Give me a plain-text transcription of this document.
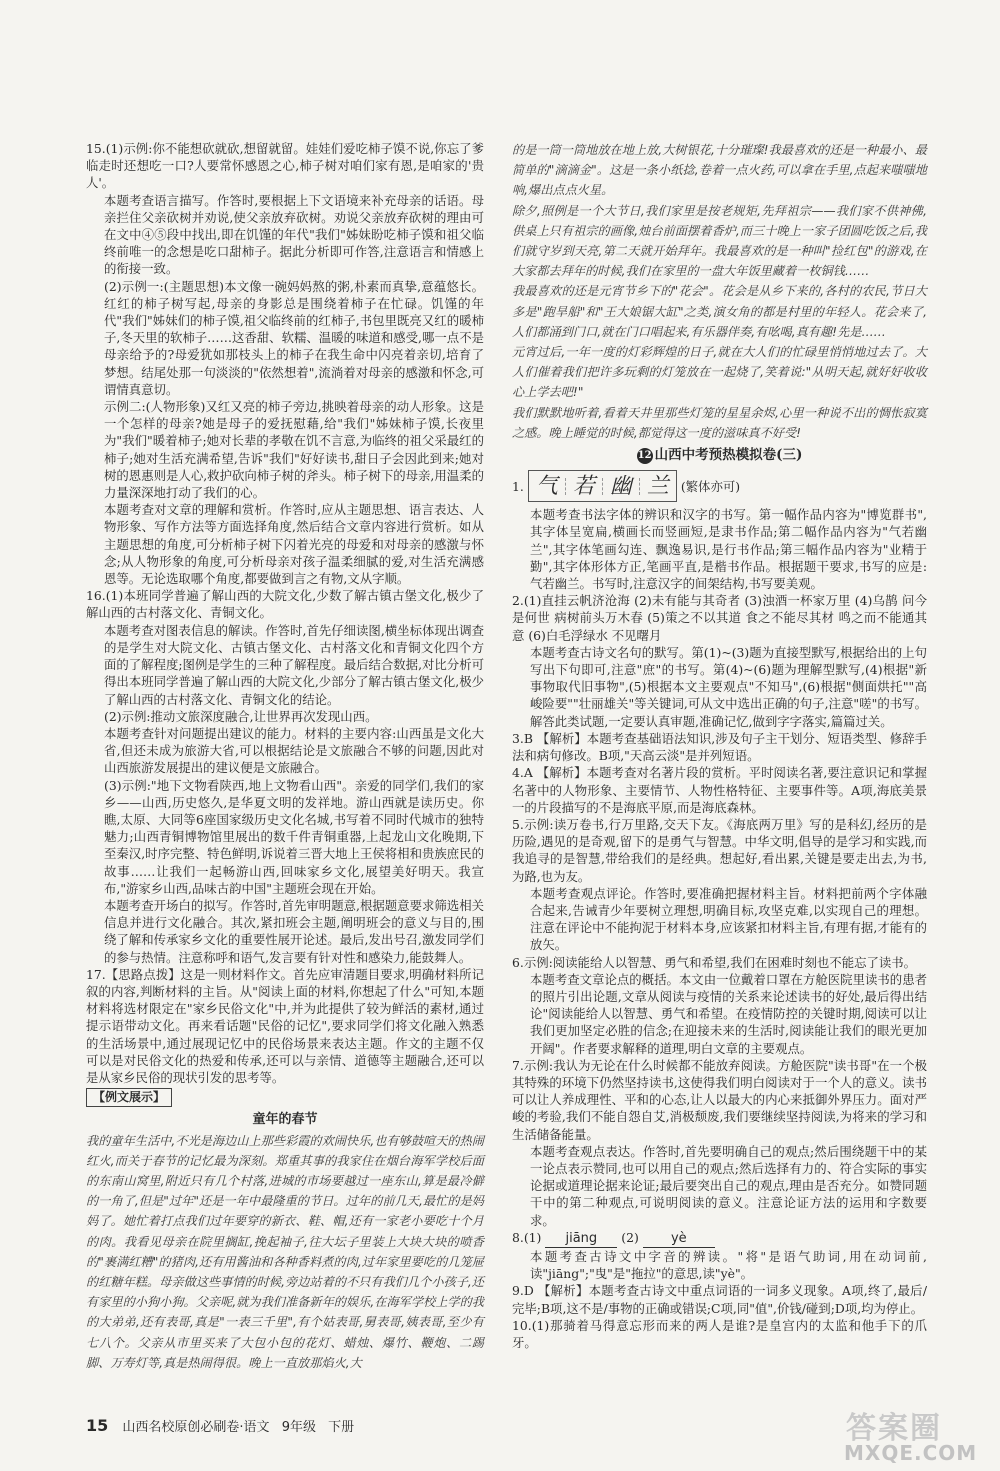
15.(1)示例:你不能想砍就砍,想留就留。娃娃们爱吃柿子馍不说,你忘了爹临走时还想吃一口?人要常怀感恩之心,柿子树对咱们家有恩,是咱家的'贵人'。

本题考查语言描写。作答时,要根据上下文语境来补充母亲的话语。母亲拦住父亲砍树并劝说,使父亲放弃砍树。劝说父亲放弃砍树的理由可在文中④⑤段中找出,即在饥馑的年代"我们"姊妹盼吃柿子馍和祖父临终前唯一的念想是吃口甜柿子。据此分析即可作答,注意语言和情感上的衔接一致。

(2)示例一:(主题思想)本文像一碗妈妈熬的粥,朴素而真挚,意蕴悠长。红红的柿子树写起,母亲的身影总是围绕着柿子在忙碌。饥馑的年代"我们"姊妹们的柿子馍,祖父临终前的红柿子,书包里既亮又红的暖柿子,冬天里的软柿子……这香甜、软糯、温暖的味道和感受,哪一点不是母亲给予的?母爱犹如那枝头上的柿子在我生命中闪亮着亲切,培育了梦想。结尾处那一句淡淡的"依然想着",流淌着对母亲的感激和怀念,可谓情真意切。

示例二:(人物形象)又红又亮的柿子旁边,挑映着母亲的动人形象。这是一个怎样的母亲?她是母子的爱抚慰藉,给"我们"姊妹柿子馍,长夜里为"我们"暖着柿子;她对长辈的孝敬在饥不言意,为临终的祖父采最红的柿子;她对生活充满希望,告诉"我们"好好读书,甜日子会因此到来;她对树的恩惠则是人心,救护砍向柿子树的斧头。柿子树下的母亲,用温柔的力量深深地打动了我们的心。

本题考查对文章的理解和赏析。作答时,应从主题思想、语言表达、人物形象、写作方法等方面选择角度,然后结合文章内容进行赏析。如从主题思想的角度,可分析柿子树下闪着光亮的母爱和对母亲的感激与怀念;从人物形象的角度,可分析母亲对孩子温柔细腻的爱,对生活充满感恩等。无论选取哪个角度,都要做到言之有物,文从字顺。

16.(1)本班同学普遍了解山西的大院文化,少数了解古镇古堡文化,极少了解山西的古村落文化、青铜文化。

本题考查对图表信息的解读。作答时,首先仔细读图,横坐标体现出调查的是学生对大院文化、古镇古堡文化、古村落文化和青铜文化四个方面的了解程度;图例是学生的三种了解程度。最后结合数据,对比分析可得出本班同学普遍了解山西的大院文化,少部分了解古镇古堡文化,极少了解山西的古村落文化、青铜文化的结论。

(2)示例:推动文旅深度融合,让世界再次发现山西。

本题考查针对问题提出建议的能力。材料的主要内容:山西虽是文化大省,但还未成为旅游大省,可以根据结论是文旅融合不够的问题,因此对山西旅游发展提出的建议便是文旅融合。

(3)示例:"地下文物看陕西,地上文物看山西"。亲爱的同学们,我们的家乡——山西,历史悠久,是华夏文明的发祥地。游山西就是读历史。你瞧,太原、大同等6座国家级历史文化名城,书写着不同时代城市的独特魅力;山西青铜博物馆里展出的数千件青铜重器,上起龙山文化晚期,下至秦汉,时序完整、特色鲜明,诉说着三晋大地上王侯将相和贵族庶民的故事……让我们一起畅游山西,回味家乡文化,展望美好明天。我宣布,"游家乡山西,品味古韵中国"主题班会现在开始。

本题考查开场白的拟写。作答时,首先审明题意,根据题意要求筛选相关信息并进行文化融合。其次,紧扣班会主题,阐明班会的意义与目的,围绕了解和传承家乡文化的重要性展开论述。最后,发出号召,激发同学们的参与热情。注意称呼和语气,发言要有针对性和感染力,能鼓舞人。

17.【思路点拨】这是一则材料作文。首先应审清题目要求,明确材料所记叙的内容,判断材料的主旨。从"阅读上面的材料,你想起了什么"可知,本题材料将选材限定在"家乡民俗文化"中,并为此提供了较为鲜活的素材,通过提示语带动文化。再来看话题"民俗的记忆",要求同学们将文化融入熟悉的生活场景中,通过展现记忆中的民俗场景来表达主题。作文的主题不仅可以是对民俗文化的热爱和传承,还可以与亲情、道德等主题融合,还可以是从家乡民俗的现状引发的思考等。

【例文展示】
童年的春节

我的童年生活中,不光是海边山上那些彩霞的欢闹快乐,也有够鼓喧天的热闹红火,而关于春节的记忆最为深刻。郑重其事的我家住在烟台海军学校后面的东南山窝里,附近只有几个村落,进城的市场要越过一座东山,算是最冷僻的一角了,但是"过年"还是一年中最隆重的节日。过年的前几天,最忙的是妈妈了。她忙着打点我们过年要穿的新衣、鞋、帽,还有一家老小要吃十个月的肉。我看见母亲在院里搁缸,挽起袖子,往大坛子里装上大块大块的喷香的"裹满红糟"的猪肉,还有用酱油和各种香料煮的肉,过年家里要吃的几笼屉的红糖年糕。母亲做这些事情的时候,旁边站着的不只有我们几个小孩子,还有家里的小狗小狗。父亲呢,就为我们准备新年的娱乐,在海军学校上学的我的大弟弟,还有表哥,真是"一表三千里",有个姑表哥,舅表哥,姨表哥,至少有七八个。父亲从市里买来了大包小包的花灯、蜡烛、爆竹、鞭炮、二踢脚、万寿灯等,真是热闹得很。晚上一直放那焰火,大

的是一筒一筒地放在地上放,大树银花,十分璀璨!我最喜欢的还是一种最小、最简单的"滴滴金"。这是一条小纸捻,卷着一点火药,可以拿在手里,点起来嗤嗤地响,爆出点点火星。

除夕,照例是一个大节日,我们家里是按老规矩,先拜祖宗——我们家不供神佛,供桌上只有祖宗的画像,烛台前面摆着香炉,而三十晚上一家子团圆吃饭之后,我们就守岁到天亮,第二天就开始拜年。我最喜欢的是一种叫"捡红包"的游戏,在大家都去拜年的时候,我们在家里的一盘大年饭里藏着一枚铜钱……

我最喜欢的还是元宵节乡下的"花会"。花会是从乡下来的,各村的农民,节日大多是"跑旱船"和"王大娘锯大缸"之类,演女角的都是村里的年轻人。花会来了,人们都涌到门口,就在门口唱起来,有乐器伴奏,有吆喝,真有趣!先是……

元宵过后,一年一度的灯彩辉煌的日子,就在大人们的忙碌里悄悄地过去了。大人们催着我们把许多玩剩的灯笼放在一起烧了,笑着说:"从明天起,就好好收收心上学去吧!"

我们默默地听着,看着天井里那些灯笼的星星余烬,心里一种说不出的惆怅寂寞之感。晚上睡觉的时候,都觉得这一度的滋味真不好受!

12 山西中考预热模拟卷(三)
1. 气 若 幽 兰 (繁体亦可)

本题考查书法字体的辨识和汉字的书写。第一幅作品内容为"博览群书",其字体呈宽扁,横画长而竖画短,是隶书作品;第二幅作品内容为"气若幽兰",其字体笔画勾连、飘逸易识,是行书作品;第三幅作品内容为"业精于勤",其字体形体方正,笔画平直,是楷书作品。根据题干要求,书写的应是:气若幽兰。书写时,注意汉字的间架结构,书写要美观。

2.(1)直挂云帆济沧海 (2)未有能与其奇者 (3)浊酒一杯家万里 (4)乌鹊 问今是何世 病树前头万木春 (5)策之不以其道 食之不能尽其材 鸣之而不能通其意 (6)白毛浮绿水 不见曙月

本题考查古诗文名句的默写。第(1)~(3)题为直接型默写,根据给出的上句写出下句即可,注意"庶"的书写。第(4)~(6)题为理解型默写,(4)根据"新事物取代旧事物",(5)根据本文主要观点"不知马",(6)根据"侧面烘托""高峻险要""壮丽雄关"等关键词,可从文中选出正确的句子,注意"嗟"的书写。解答此类试题,一定要认真审题,准确记忆,做到字字落实,篇篇过关。

3.B 【解析】本题考查基础语法知识,涉及句子主干划分、短语类型、修辞手法和病句修改。B项,"天高云淡"是并列短语。

4.A 【解析】本题考查对名著片段的赏析。平时阅读名著,要注意识记和掌握名著中的人物形象、主要情节、人物性格特征、主要事件等。A项,海底美景一的片段描写的不是海底平原,而是海底森林。

5.示例:读万卷书,行万里路,交天下友。《海底两万里》写的是科幻,经历的是历险,遇见的是奇观,留下的是勇气与智慧。中华文明,倡导的是学习和实践,而我追寻的是智慧,带给我们的是经典。想起好,看出累,关键是要走出去,为书,为路,也为友。

本题考查观点评论。作答时,要准确把握材料主旨。材料把前两个字体融合起来,告诫青少年要树立理想,明确目标,攻坚克难,以实现自己的理想。注意在评论中不能拘泥于材料本身,应该紧扣材料主旨,有理有据,才能有的放矢。

6.示例:阅读能给人以智慧、勇气和希望,我们在困难时刻也不能忘了读书。

本题考查文章论点的概括。本文由一位戴着口罩在方舱医院里读书的患者的照片引出论题,文章从阅读与疫情的关系来论述读书的好处,最后得出结论"阅读能给人以智慧、勇气和希望。在疫情防控的关键时期,阅读可以让我们更加坚定必胜的信念;在迎接未来的生活时,阅读能让我们的眼光更加开阔"。作者要求解释的道理,明白文章的主要观点。

7.示例:我认为无论在什么时候都不能放弃阅读。方舱医院"读书哥"在一个极其特殊的环境下仍然坚持读书,这使得我们明白阅读对于一个人的意义。读书可以让人养成理性、平和的心态,让人以最大的内心来抵御外界压力。面对严峻的考验,我们不能自怨自艾,消极颓废,我们要继续坚持阅读,为将来的学习和生活储备能量。

本题考查观点表达。作答时,首先要明确自己的观点;然后围绕题干中的某一论点表示赞同,也可以用自己的观点;然后选择有力的、符合实际的事实论据或道理论据来论证;最后要突出自己的观点,理由是否充分。如赞同题干中的第二种观点,可说明阅读的意义。注意论证方法的运用和字数要求。

8.(1) jiāng (2) yè

本题考查古诗文中字音的辨读。"将"是语气助词,用在动词前,读"jiāng";"曳"是"拖拉"的意思,读"yè"。

9.D 【解析】本题考查古诗文中重点词语的一词多义现象。A项,终了,最后/完毕;B项,这不是/事物的正确或错误;C项,同"值",价钱/碰到;D项,均为停止。

10.(1)那骑着马得意忘形而来的两人是谁?是皇宫内的太监和他手下的爪牙。

15 山西名校原创必刷卷·语文 9年级 下册	答案圈
MXQE.COM
